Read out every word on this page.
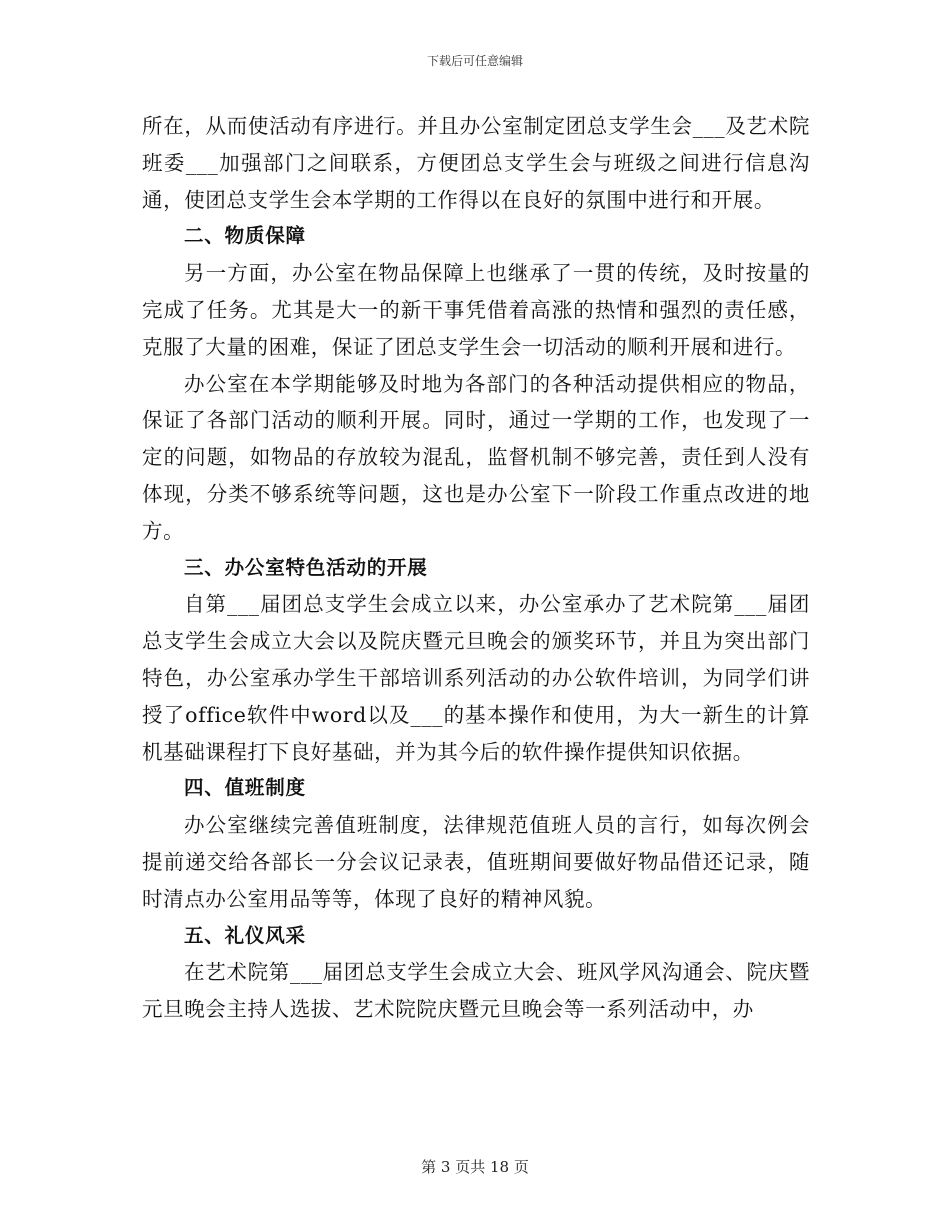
下载后可任意编辑

所在，从而使活动有序进行。并且办公室制定团总支学生会___及艺术院班委___加强部门之间联系，方便团总支学生会与班级之间进行信息沟通，使团总支学生会本学期的工作得以在良好的氛围中进行和开展。

二、物质保障

另一方面，办公室在物品保障上也继承了一贯的传统，及时按量的完成了任务。尤其是大一的新干事凭借着高涨的热情和强烈的责任感，克服了大量的困难，保证了团总支学生会一切活动的顺利开展和进行。

办公室在本学期能够及时地为各部门的各种活动提供相应的物品，保证了各部门活动的顺利开展。同时，通过一学期的工作，也发现了一定的问题，如物品的存放较为混乱，监督机制不够完善，责任到人没有体现，分类不够系统等问题，这也是办公室下一阶段工作重点改进的地方。

三、办公室特色活动的开展

自第___届团总支学生会成立以来，办公室承办了艺术院第___届团总支学生会成立大会以及院庆暨元旦晚会的颁奖环节，并且为突出部门特色，办公室承办学生干部培训系列活动的办公软件培训，为同学们讲授了office软件中word以及___的基本操作和使用，为大一新生的计算机基础课程打下良好基础，并为其今后的软件操作提供知识依据。

四、值班制度

办公室继续完善值班制度，法律规范值班人员的言行，如每次例会提前递交给各部长一分会议记录表，值班期间要做好物品借还记录，随时清点办公室用品等等，体现了良好的精神风貌。

五、礼仪风采

在艺术院第___届团总支学生会成立大会、班风学风沟通会、院庆暨元旦晚会主持人选拔、艺术院院庆暨元旦晚会等一系列活动中，办

第 3 页共 18 页
